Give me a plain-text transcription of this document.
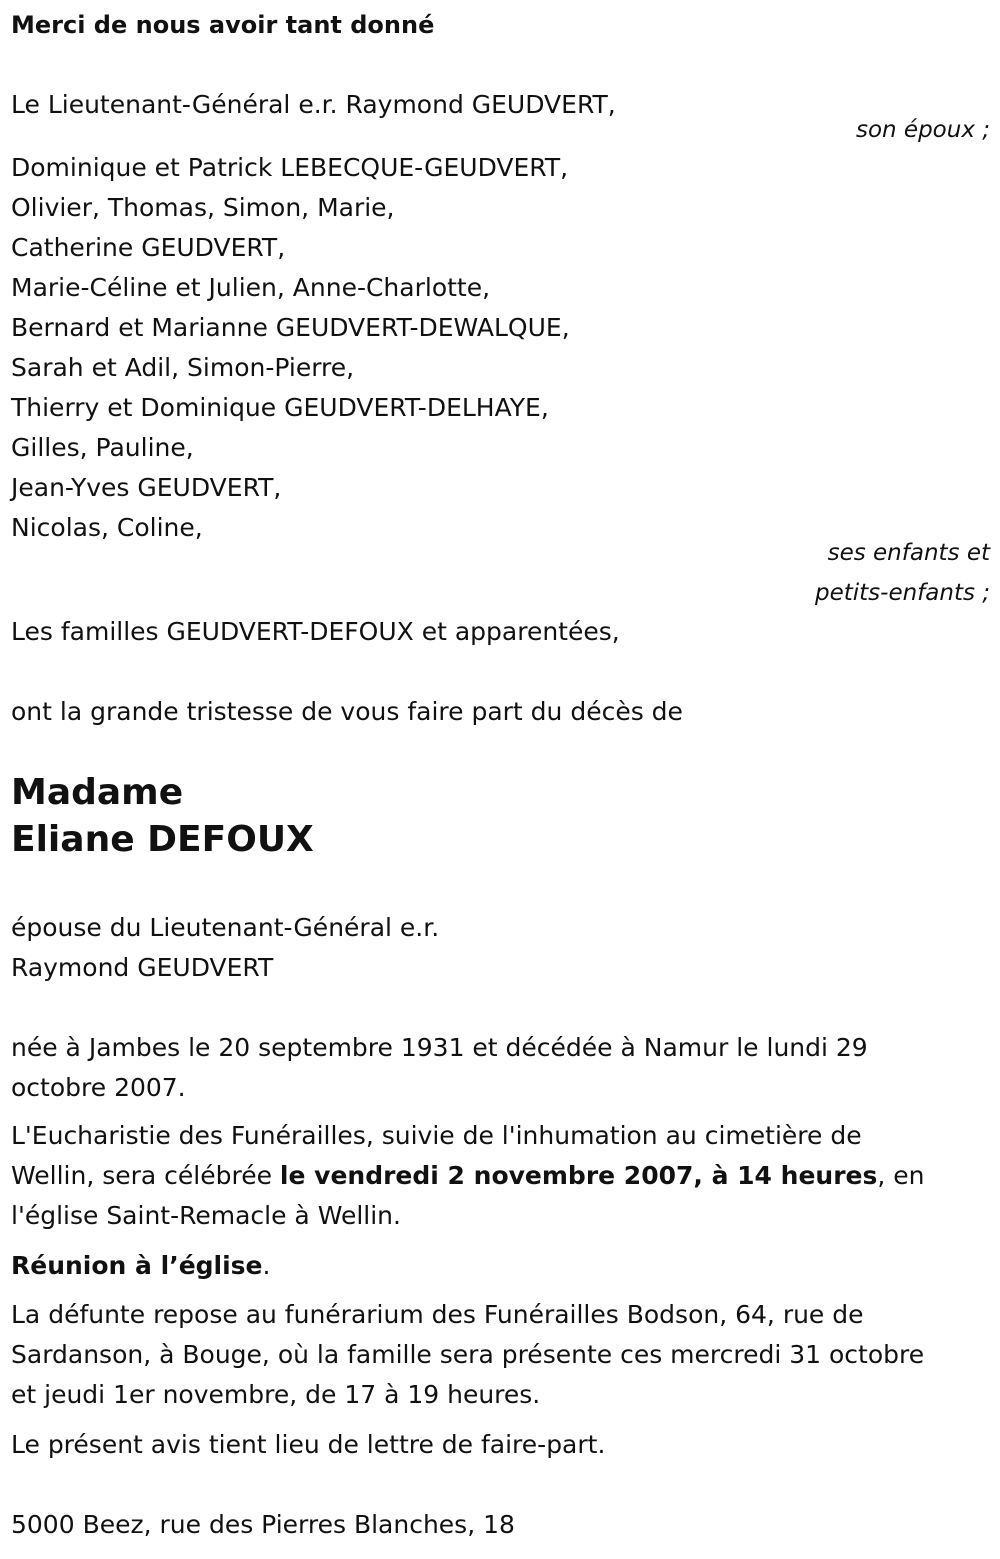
Merci de nous avoir tant donné
Le Lieutenant-Général e.r. Raymond GEUDVERT,
son époux ;
Dominique et Patrick LEBECQUE-GEUDVERT,
Olivier, Thomas, Simon, Marie,
Catherine GEUDVERT,
Marie-Céline et Julien, Anne-Charlotte,
Bernard et Marianne GEUDVERT-DEWALQUE,
Sarah et Adil, Simon-Pierre,
Thierry et Dominique GEUDVERT-DELHAYE,
Gilles, Pauline,
Jean-Yves GEUDVERT,
Nicolas, Coline,
ses enfants et
petits-enfants ;
Les familles GEUDVERT-DEFOUX et apparentées,
ont la grande tristesse de vous faire part du décès de
Madame
Eliane DEFOUX
épouse du Lieutenant-Général e.r.
Raymond GEUDVERT
née à Jambes le 20 septembre 1931 et décédée à Namur le lundi 29
octobre 2007.
L'Eucharistie des Funérailles, suivie de l'inhumation au cimetière de
Wellin, sera célébrée le vendredi 2 novembre 2007, à 14 heures, en
l'église Saint-Remacle à Wellin.
Réunion à l’église.
La défunte repose au funérarium des Funérailles Bodson, 64, rue de
Sardanson, à Bouge, où la famille sera présente ces mercredi 31 octobre
et jeudi 1er novembre, de 17 à 19 heures.
Le présent avis tient lieu de lettre de faire-part.
5000 Beez, rue des Pierres Blanches, 18
